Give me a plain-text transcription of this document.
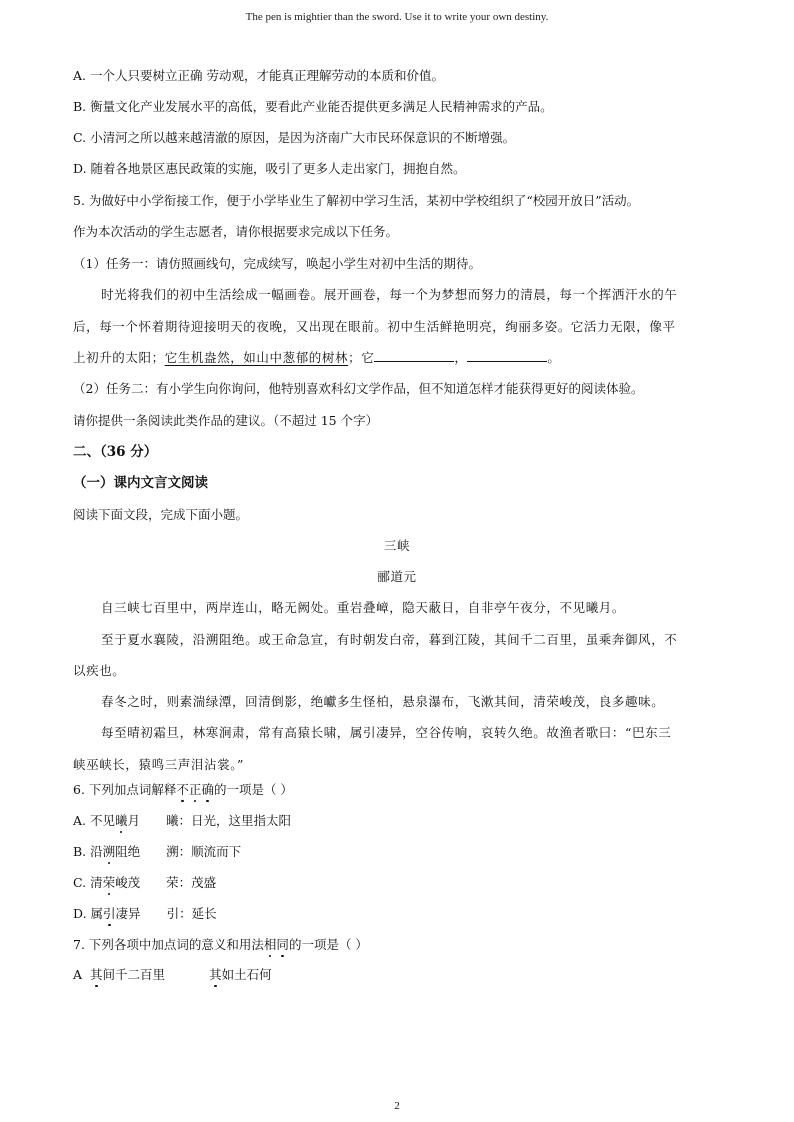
The pen is mightier than the sword. Use it to write your own destiny.
A. 一个人只要树立正确 劳动观，才能真正理解劳动的本质和价值。
B. 衡量文化产业发展水平的高低，要看此产业能否提供更多满足人民精神需求的产品。
C. 小清河之所以越来越清澈的原因，是因为济南广大市民环保意识的不断增强。
D. 随着各地景区惠民政策的实施，吸引了更多人走出家门，拥抱自然。
5. 为做好中小学衔接工作，便于小学毕业生了解初中学习生活，某初中学校组织了“校园开放日”活动。
作为本次活动的学生志愿者，请你根据要求完成以下任务。
（1）任务一：请仿照画线句，完成续写，唤起小学生对初中生活的期待。
时光将我们的初中生活绘成一幅画卷。展开画卷，每一个为梦想而努力的清晨，每一个挥洒汗水的午
后，每一个怀着期待迎接明天的夜晚，又出现在眼前。初中生活鲜艳明亮，绚丽多姿。它活力无限，像平
上初升的太阳；它生机盎然，如山中葱郁的树林；它	，	。
（2）任务二：有小学生向你询问，他特别喜欢科幻文学作品，但不知道怎样才能获得更好的阅读体验。
请你提供一条阅读此类作品的建议。（不超过 15 个字）
二、（36 分）
（一）课内文言文阅读
阅读下面文段，完成下面小题。
三峡
郦道元
自三峡七百里中，两岸连山，略无阙处。重岩叠嶂，隐天蔽日，自非亭午夜分，不见曦月。
至于夏水襄陵，沿溯阻绝。或王命急宣，有时朝发白帝，暮到江陵，其间千二百里，虽乘奔御风，不
以疾也。
春冬之时，则素湍绿潭，回清倒影，绝巘多生怪柏，悬泉瀑布，飞漱其间，清荣峻茂，良多趣味。
每至晴初霜旦，林寒涧肃，常有高猿长啸，属引凄异，空谷传响，哀转久绝。故渔者歌曰：“巴东三
峡巫峡长，猿鸣三声泪沾裳。”
6. 下列加点词解释不正确的一项是（ ）
A. 不见曦月 曦：日光，这里指太阳
B. 沿溯阻绝 溯：顺流而下
C. 清荣峻茂 荣：茂盛
D. 属引凄异 引：延长
7. 下列各项中加点词的意义和用法相同的一项是（ ）
A 其间千二百里	其如土石何
2
